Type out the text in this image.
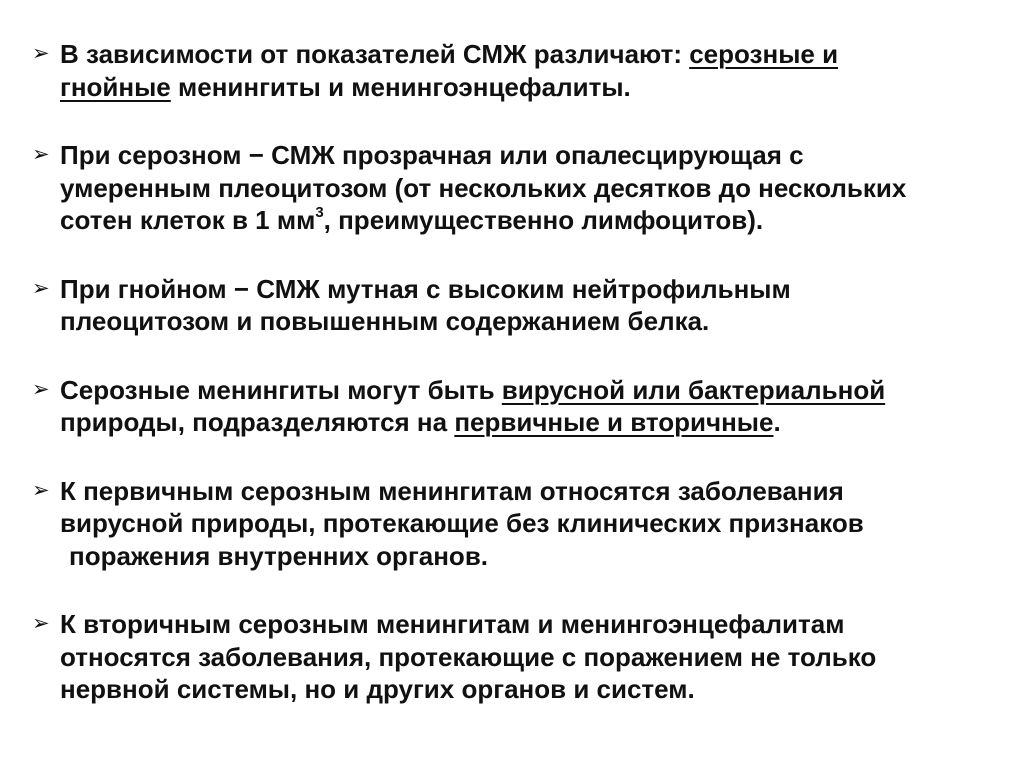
➢ В зависимости от показателей СМЖ различают: серозные и
гнойные менингиты и менингоэнцефалиты.
➢ При серозном − СМЖ прозрачная или опалесцирующая с
умеренным плеоцитозом (от нескольких десятков до нескольких
сотен клеток в 1 $мм^3$, преимущественно лимфоцитов).
➢ При гнойном − СМЖ мутная с высоким нейтрофильным
плеоцитозом и повышенным содержанием белка.
➢ Серозные менингиты могут быть вирусной или бактериальной
природы, подразделяются на первичные и вторичные.
➢ К первичным серозным менингитам относятся заболевания
вирусной природы, протекающие без клинических признаков
поражения внутренних органов.
➢ К вторичным серозным менингитам и менингоэнцефалитам
относятся заболевания, протекающие с поражением не только
нервной системы, но и других органов и систем.
